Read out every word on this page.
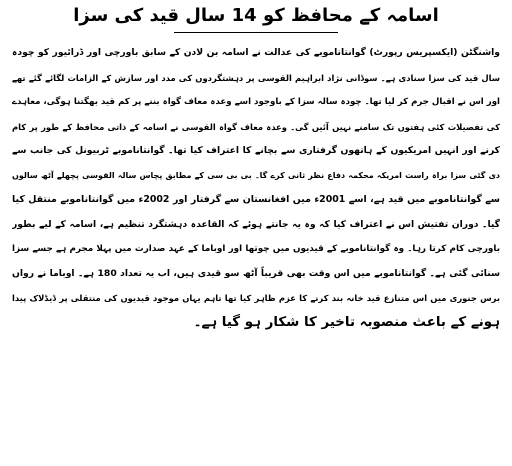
اسامہ کے محافظ کو 14 سال قید کی سزا
واشنگٹن (ایکسپریس رپورٹ) گوانتاناموبے کی عدالت نے اسامہ بن لادن کے سابق باورچی اور ڈرائیور کو چودہ
سال قید کی سزا سنادی ہے۔ سوڈانی نژاد ابراہیم القوسی پر دہشتگردوں کی مدد اور سازش کے الزامات لگائے گئے تھے
اور اس نے اقبال جرم کر لیا تھا۔ چودہ سالہ سزا کے باوجود اسے وعدہ معاف گواہ بننے پر کم قید بھگتنا ہوگی، معاہدے
کی تفصیلات کئی ہفتوں تک سامنے نہیں آئیں گی۔ وعدہ معاف گواہ القوسی نے اسامہ کے ذاتی محافظ کے طور پر کام
کرنے اور انہیں امریکیوں کے ہاتھوں گرفتاری سے بچانے کا اعتراف کیا تھا۔ گوانتاناموبے ٹربیونل کی جانب سے
دی گئی سزا براہ راست امریکہ محکمہ دفاع نظر ثانی کرے گا۔ بی بی سی کے مطابق پچاس سالہ القوسی پچھلے آٹھ سالوں
سے گوانتاناموبے میں قید ہے، اسے 2001ء میں افغانستان سے گرفتار اور 2002ء میں گوانتاناموبے منتقل کیا
گیا۔ دوران تفتیش اس نے اعتراف کیا کہ وہ یہ جانتے ہوئے کہ القاعدہ دہشتگرد تنظیم ہے، اسامہ کے لیے بطور
باورچی کام کرتا رہا۔ وہ گوانتاناموبے کے قیدیوں میں چوتھا اور اوباما کے عہد صدارت میں پہلا مجرم ہے جسے سزا
سنائی گئی ہے۔ گوانتاناموبے میں اس وقت بھی قریباً آٹھ سو قیدی ہیں، اب یہ تعداد 180 ہے۔ اوباما نے رواں
برس جنوری میں اس متنازع قید خانہ بند کرنے کا عزم ظاہر کیا تھا تاہم یہاں موجود قیدیوں کی منتقلی پر ڈیڈلاک پیدا
ہونے کے باعث منصوبہ تاخیر کا شکار ہو گیا ہے۔
